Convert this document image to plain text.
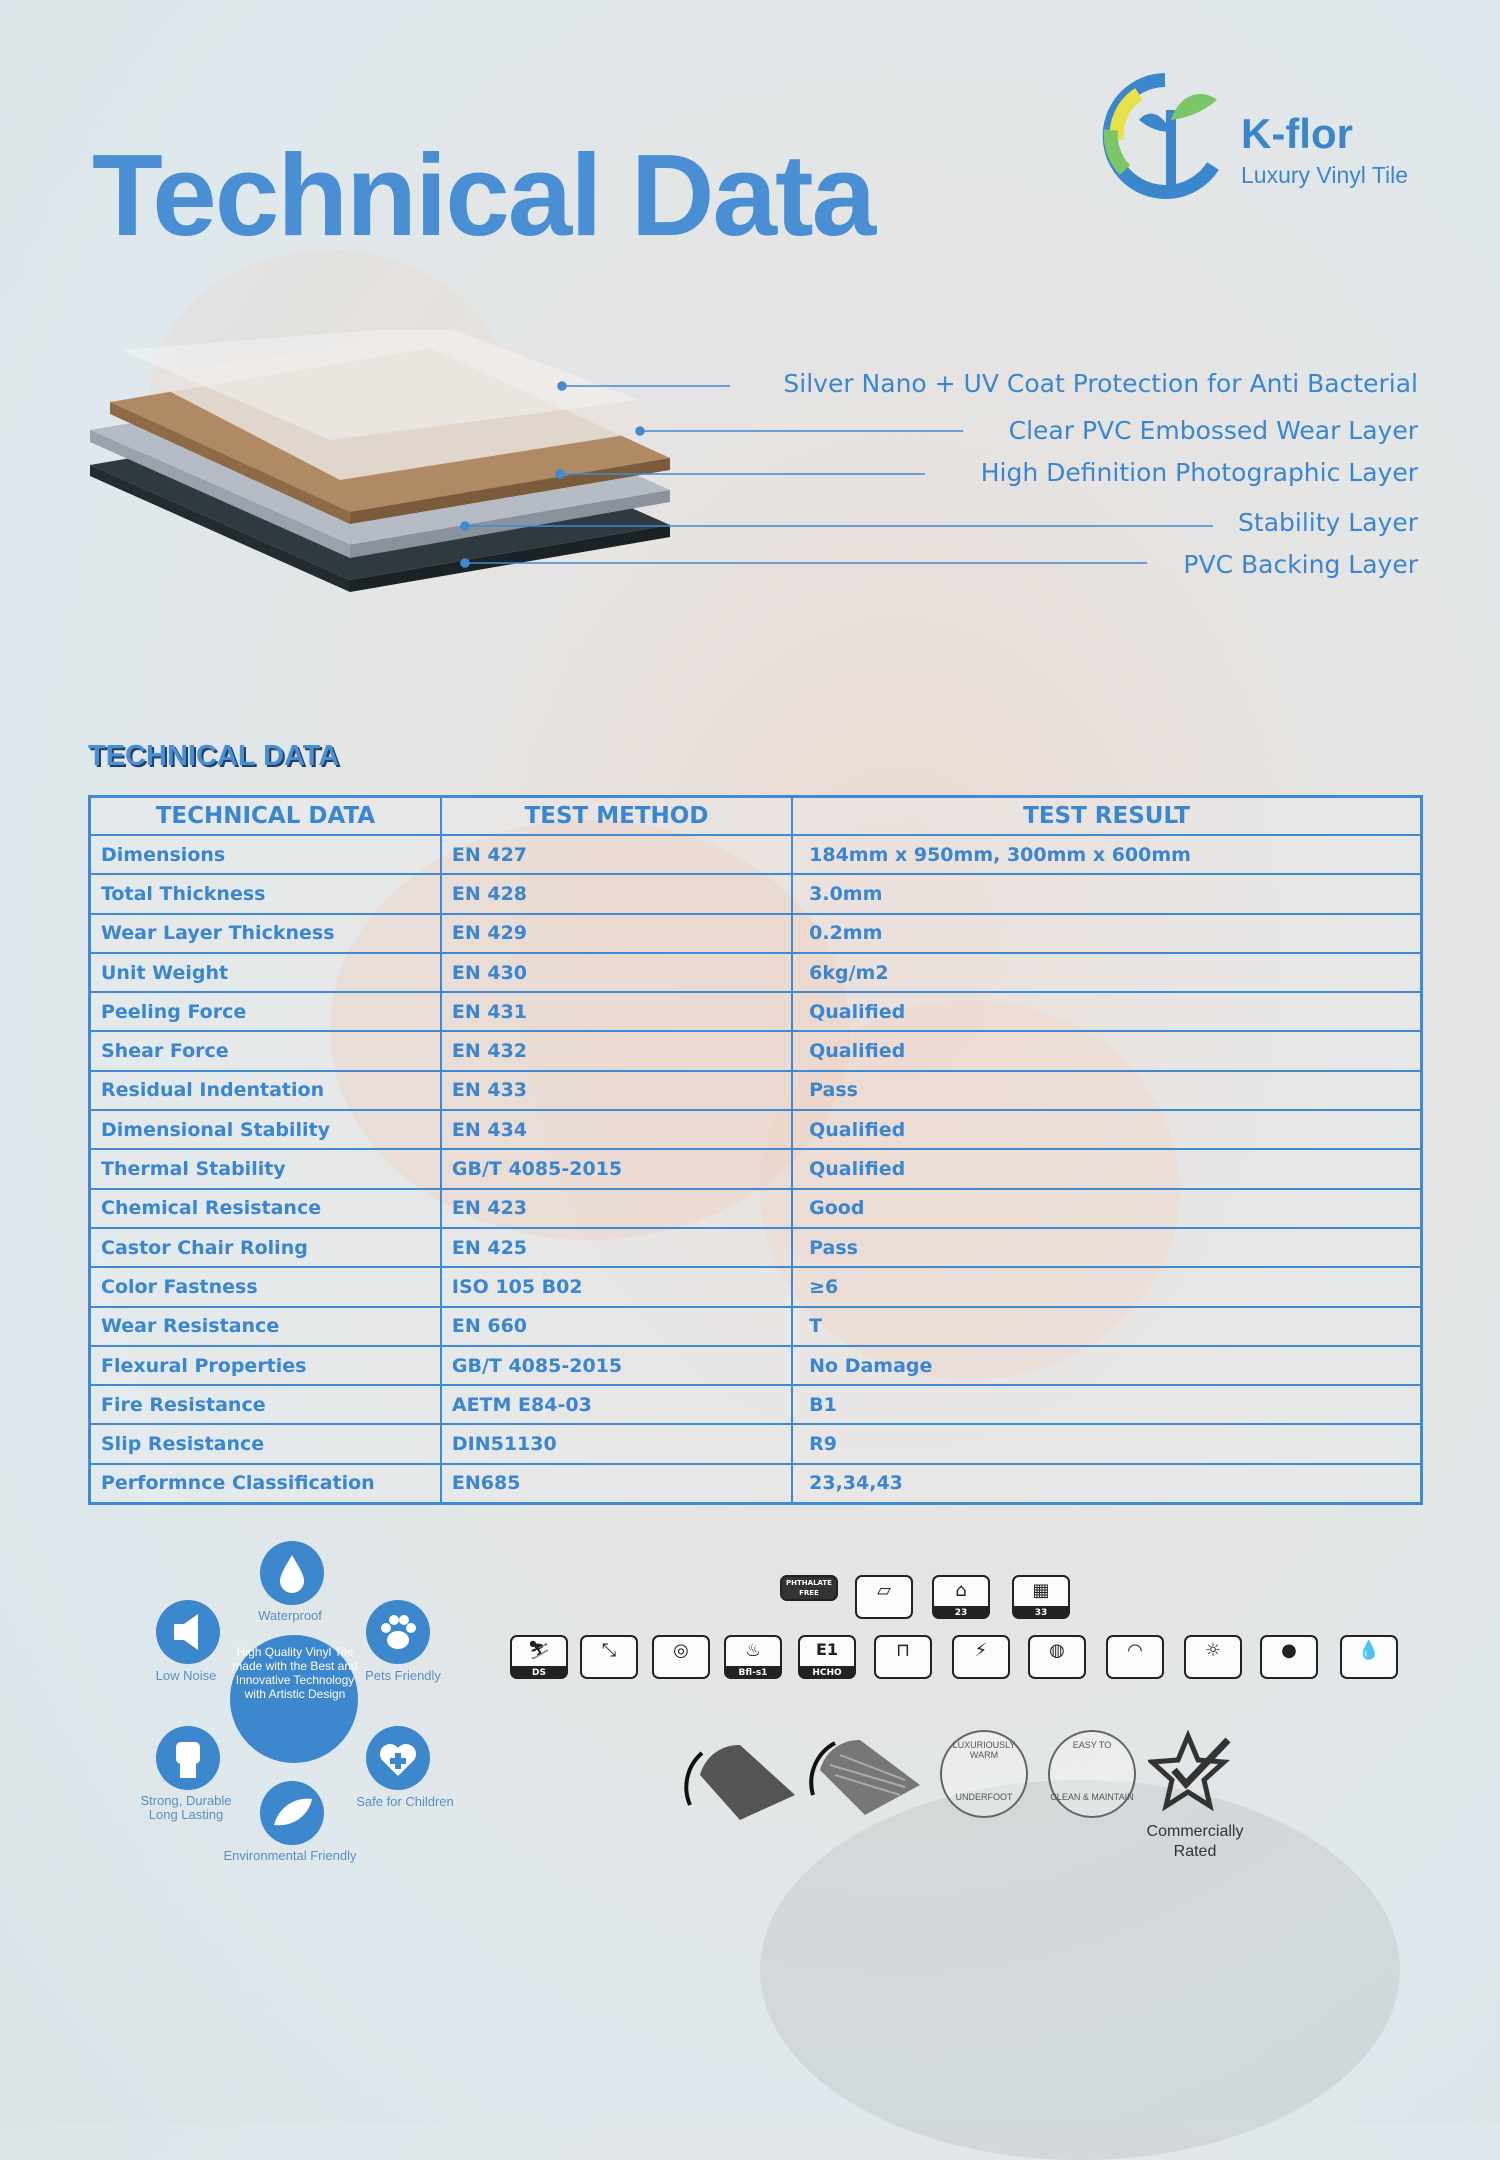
Technical Data	K-flor
Luxury Vinyl Tile
Silver Nano + UV Coat Protection for Anti Bacterial
Clear PVC Embossed Wear Layer
High Definition Photographic Layer
Stability Layer
PVC Backing Layer
TECHNICAL DATA
TECHNICAL DATA	TEST METHOD	TEST RESULT
Dimensions	EN 427	184mm x 950mm, 300mm x 600mm
Total Thickness	EN 428	3.0mm
Wear Layer Thickness	EN 429	0.2mm
Unit Weight	EN 430	6kg/m2
Peeling Force	EN 431	Qualified
Shear Force	EN 432	Qualified
Residual Indentation	EN 433	Pass
Dimensional Stability	EN 434	Qualified
Thermal Stability	GB/T 4085-2015	Qualified
Chemical Resistance	EN 423	Good
Castor Chair Roling	EN 425	Pass
Color Fastness	ISO 105 B02	≥6
Wear Resistance	EN 660	T
Flexural Properties	GB/T 4085-2015	No Damage
Fire Resistance	AETM E84-03	B1
Slip Resistance	DIN51130	R9
Performnce Classification	EN685	23,34,43
High Quality Vinyl Tile made with the Best and Innovative Technology with Artistic Design
Waterproof
Low Noise	Pets Friendly
Strong, Durable Long Lasting
Safe for Children
Environmental Friendly
PHTHALATE FREE	▱	⌂
23
▦
33
⛷
DS
⤡	◎	♨
Bfl-s1
E1
HCHO
⊓	⚡	◍	◠	☼	●	💧
LUXURIOUSLY WARM
UNDERFOOT
EASY TO
CLEAN & MAINTAIN
Commercially Rated
